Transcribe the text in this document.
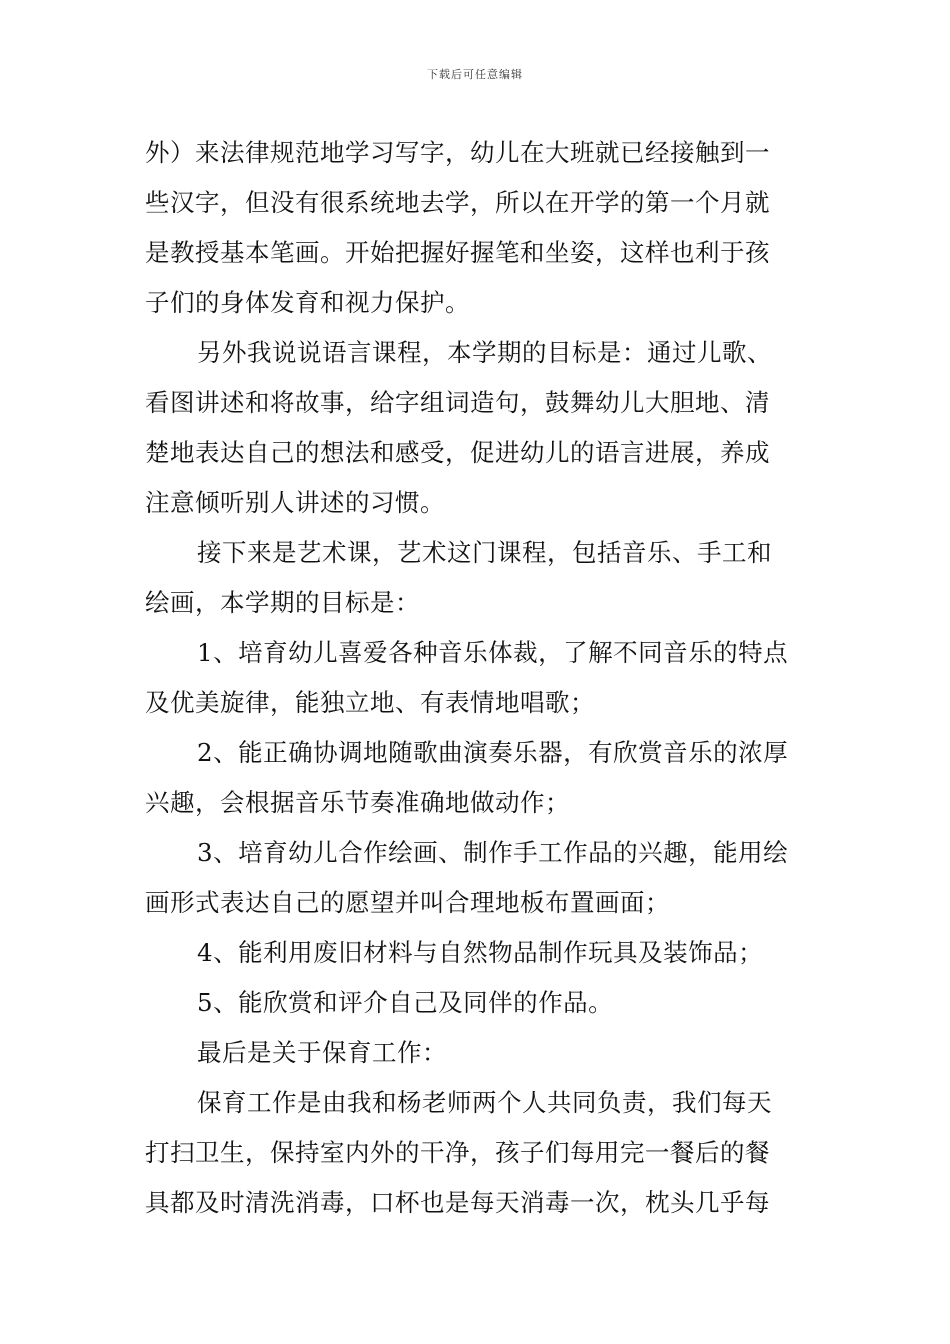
下载后可任意编辑
外）来法律规范地学习写字，幼儿在大班就已经接触到一
些汉字，但没有很系统地去学，所以在开学的第一个月就
是教授基本笔画。开始把握好握笔和坐姿，这样也利于孩
子们的身体发育和视力保护。
另外我说说语言课程，本学期的目标是：通过儿歌、
看图讲述和将故事，给字组词造句，鼓舞幼儿大胆地、清
楚地表达自己的想法和感受，促进幼儿的语言进展，养成
注意倾听别人讲述的习惯。
接下来是艺术课，艺术这门课程，包括音乐、手工和
绘画，本学期的目标是：
1、培育幼儿喜爱各种音乐体裁，了解不同音乐的特点
及优美旋律，能独立地、有表情地唱歌；
2、能正确协调地随歌曲演奏乐器，有欣赏音乐的浓厚
兴趣，会根据音乐节奏准确地做动作；
3、培育幼儿合作绘画、制作手工作品的兴趣，能用绘
画形式表达自己的愿望并叫合理地板布置画面；
4、能利用废旧材料与自然物品制作玩具及装饰品；
5、能欣赏和评介自己及同伴的作品。
最后是关于保育工作：
保育工作是由我和杨老师两个人共同负责，我们每天
打扫卫生，保持室内外的干净，孩子们每用完一餐后的餐
具都及时清洗消毒，口杯也是每天消毒一次，枕头几乎每
